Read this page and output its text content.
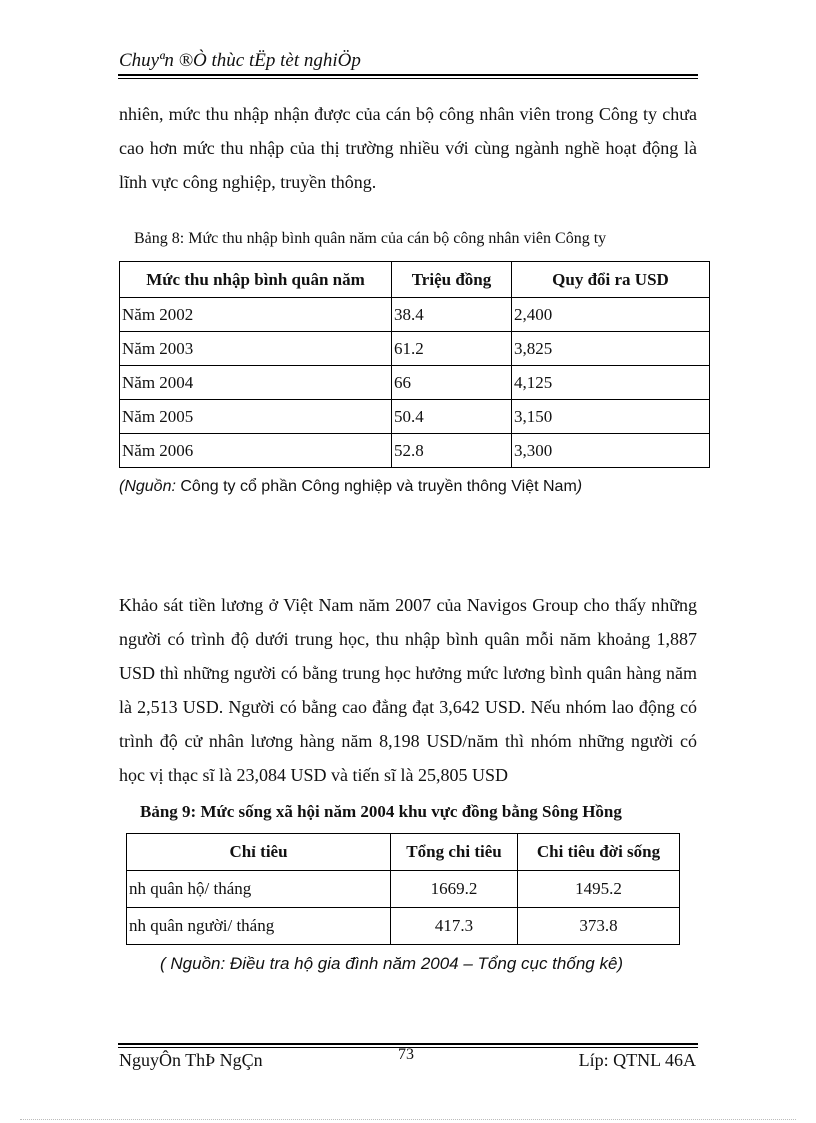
Chuyªn ®Ò thùc tËp tèt nghiÖp

nhiên, mức thu nhập nhận được của cán bộ công nhân viên trong Công ty chưa cao hơn mức thu nhập của thị trường nhiều với cùng ngành nghề hoạt động là lĩnh vực công nghiệp, truyền thông.

Bảng 8: Mức thu nhập bình quân năm của cán bộ công nhân viên Công ty

Mức thu nhập bình quân năm	Triệu đồng	Quy đổi ra USD
Năm 2002	38.4	2,400
Năm 2003	61.2	3,825
Năm 2004	66	4,125
Năm 2005	50.4	3,150
Năm 2006	52.8	3,300

(Nguồn: Công ty cổ phần Công nghiệp và truyền thông Việt Nam)

Khảo sát tiền lương ở Việt Nam năm 2007 của Navigos Group cho thấy những người có trình độ dưới trung học, thu nhập bình quân mỗi năm khoảng 1,887 USD thì những người có bằng trung học hưởng mức lương bình quân hàng năm là 2,513 USD. Người có bằng cao đẳng đạt 3,642 USD. Nếu nhóm lao động có trình độ cử nhân lương hàng năm 8,198 USD/năm thì nhóm những người có học vị thạc sĩ là 23,084 USD và tiến sĩ là 25,805 USD

Bảng 9: Mức sống xã hội năm 2004 khu vực đồng bằng Sông Hồng

Chỉ tiêu	Tổng chi tiêu	Chi tiêu đời sống
nh quân hộ/ tháng	1669.2	1495.2
nh quân người/ tháng	417.3	373.8

( Nguồn: Điều tra hộ gia đình năm 2004 – Tổng cục thống kê)

NguyÔn ThÞ NgÇn	73	Líp: QTNL 46A
